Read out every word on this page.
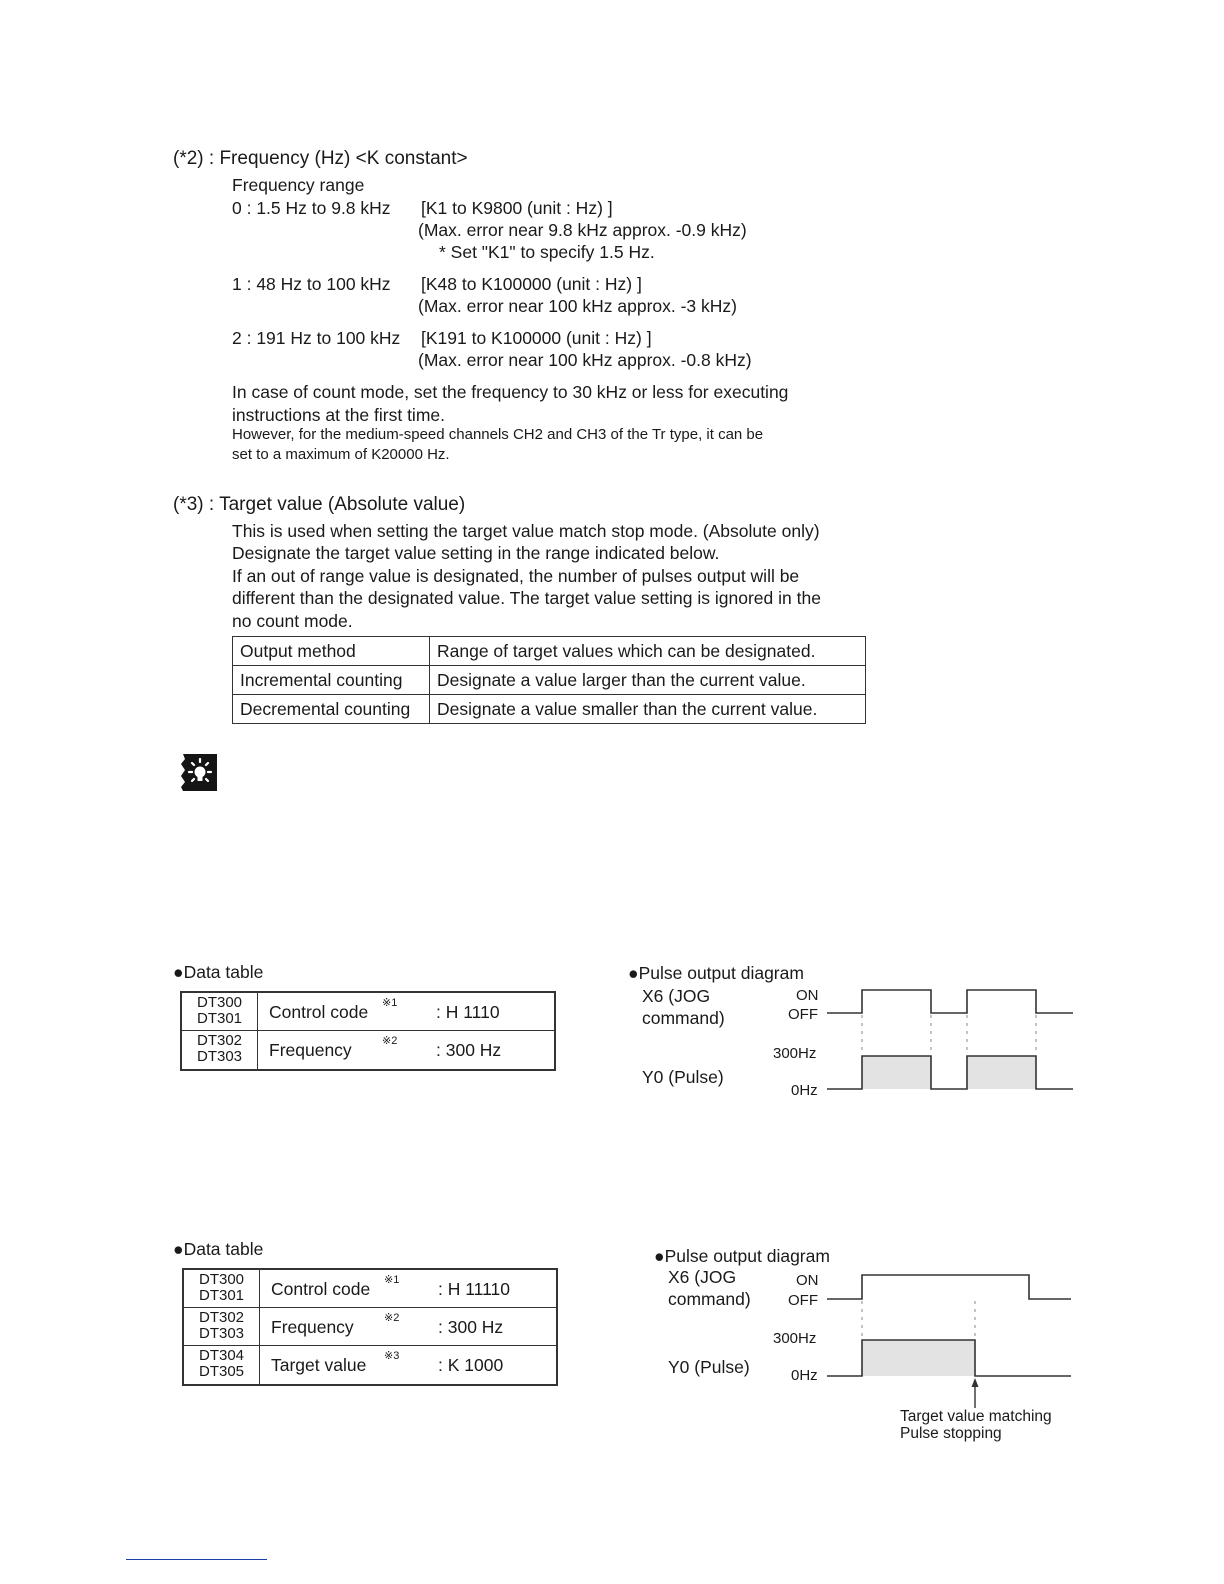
(*2) : Frequency (Hz) <K constant>
Frequency range
0 : 1.5 Hz to 9.8 kHz [K1 to K9800 (unit : Hz) ]
(Max. error near 9.8 kHz approx. -0.9 kHz)
* Set "K1" to specify 1.5 Hz.
1 : 48 Hz to 100 kHz [K48 to K100000 (unit : Hz) ]
(Max. error near 100 kHz approx. -3 kHz)
2 : 191 Hz to 100 kHz [K191 to K100000 (unit : Hz) ]
(Max. error near 100 kHz approx. -0.8 kHz)
In case of count mode, set the frequency to 30 kHz or less for executing
instructions at the first time.
However, for the medium-speed channels CH2 and CH3 of the Tr type, it can be
set to a maximum of K20000 Hz.
(*3) : Target value (Absolute value)
This is used when setting the target value match stop mode. (Absolute only)
Designate the target value setting in the range indicated below.
If an out of range value is designated, the number of pulses output will be
different than the designated value. The target value setting is ignored in the
no count mode.
Output method	Range of target values which can be designated.
Incremental counting	Designate a value larger than the current value.
Decremental counting	Designate a value smaller than the current value.
●Data table
DT300
DT301	Control code ※1 : H 1110
DT302
DT303	Frequency	※2 : 300 Hz
●Pulse output diagram
X6 (JOG
command)
ON
OFF
300Hz
Y0 (Pulse)
0Hz
●Data table
DT300
DT301	Control code ※1 : H 11110
DT302
DT303	Frequency	※2 : 300 Hz
DT304
DT305	Target value ※3 : K 1000
●Pulse output diagram
X6 (JOG
command)
ON
OFF
300Hz
Y0 (Pulse)	0Hz
Target value matching
Pulse stopping
